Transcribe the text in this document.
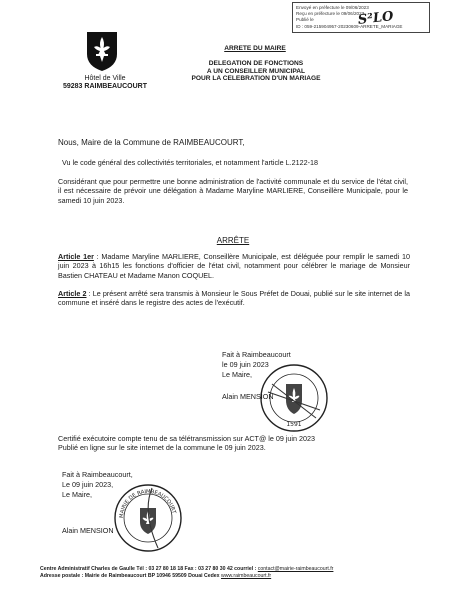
Hôtel de Ville
59283 RAIMBEAUCOURT
Envoyé en préfecture le 09/06/2023
Reçu en préfecture le 09/06/2023
Publié le
ID : 059-215904957-20230609-ARRETE_MARIAGE
S²LO
ARRETE DU MAIRE
DELEGATION DE FONCTIONS
A UN CONSEILLER MUNICIPAL
POUR LA CELEBRATION D'UN MARIAGE
Nous, Maire de la Commune de RAIMBEAUCOURT,
Vu le code général des collectivités territoriales, et notamment l'article L.2122-18
Considérant que pour permettre une bonne administration de l'activité communale et du service de l'état civil, il est nécessaire de prévoir une délégation à Madame Maryline MARLIERE, Conseillère Municipale, pour le samedi 10 juin 2023.
ARRÊTE
Article 1er : Madame Maryline MARLIERE, Conseillère Municipale, est déléguée pour remplir le samedi 10 juin 2023 à 16h15 les fonctions d'officier de l'état civil, notamment pour célébrer le mariage de Monsieur Bastien CHATEAU et Madame Manon COQUEL.
Article 2 : Le présent arrêté sera transmis à Monsieur le Sous Préfet de Douai, publié sur le site internet de la commune et inséré dans le registre des actes de l'exécutif.
Fait à Raimbeaucourt
le 09 juin 2023
Le Maire,
1591
Alain MENSION
Certifié exécutoire compte tenu de sa télétransmission sur ACT@ le 09 juin 2023
Publié en ligne sur le site internet de la commune le 09 juin 2023.
Fait à Raimbeaucourt,
Le 09 juin 2023,
Le Maire,
MAIRIE DE RAIMBEAUCOURT
Alain MENSION
Centre Administratif Charles de Gaulle Tél : 03 27 80 18 18 Fax : 03 27 80 30 42 courriel : contact@mairie-raimbeaucourt.fr
Adresse postale : Mairie de Raimbeaucourt BP 10946 59509 Douai Cedex www.raimbeaucourt.fr
